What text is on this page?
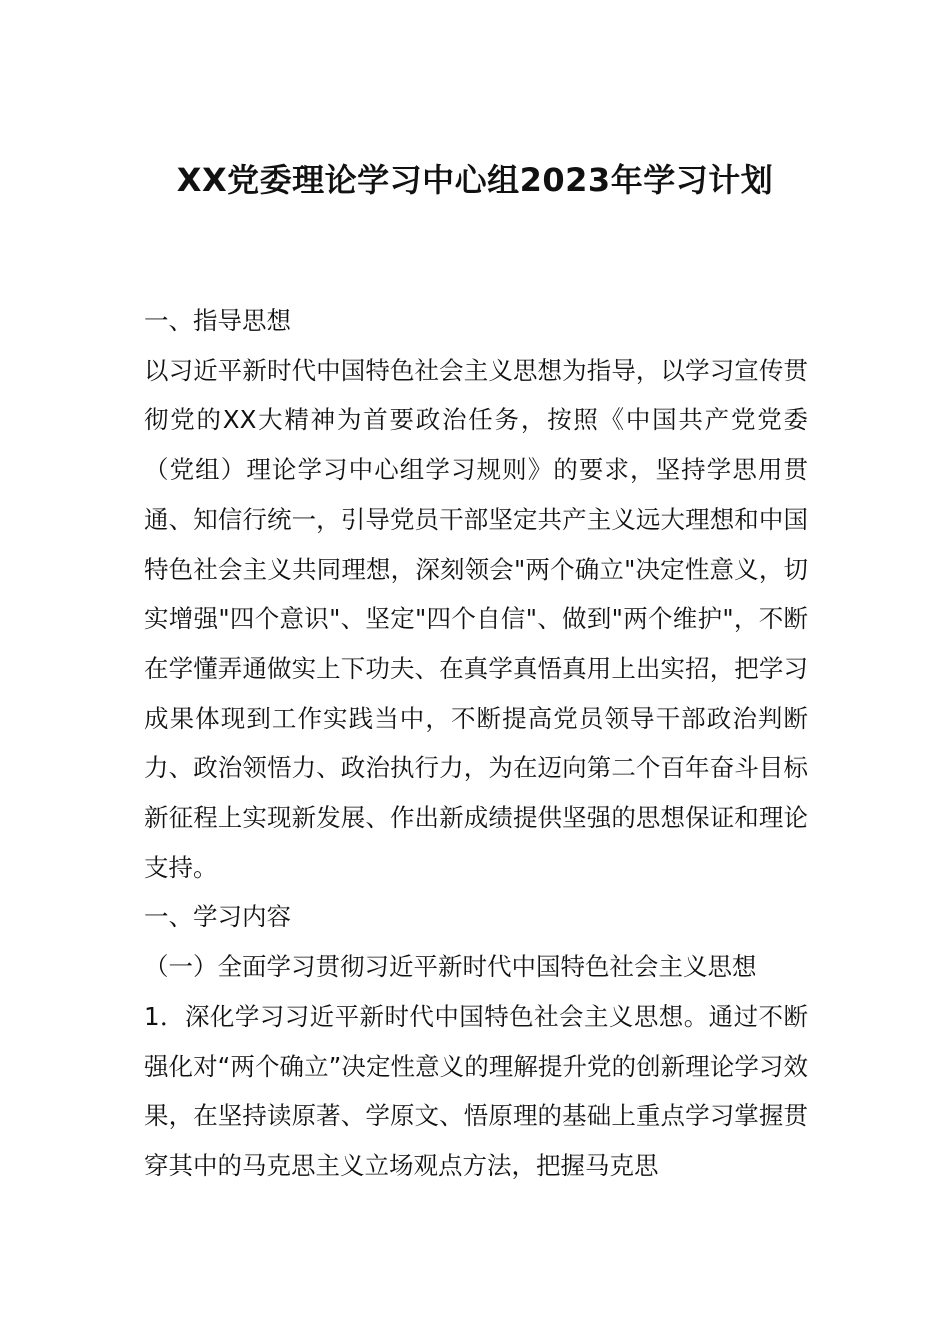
XX党委理论学习中心组2023年学习计划

一、指导思想

以习近平新时代中国特色社会主义思想为指导，以学习宣传贯彻党的XX大精神为首要政治任务，按照《中国共产党党委（党组）理论学习中心组学习规则》的要求，坚持学思用贯通、知信行统一，引导党员干部坚定共产主义远大理想和中国特色社会主义共同理想，深刻领会"两个确立"决定性意义，切实增强"四个意识"、坚定"四个自信"、做到"两个维护"，不断在学懂弄通做实上下功夫、在真学真悟真用上出实招，把学习成果体现到工作实践当中，不断提高党员领导干部政治判断力、政治领悟力、政治执行力，为在迈向第二个百年奋斗目标新征程上实现新发展、作出新成绩提供坚强的思想保证和理论支持。

一、学习内容

（一）全面学习贯彻习近平新时代中国特色社会主义思想

1．深化学习习近平新时代中国特色社会主义思想。通过不断强化对“两个确立”决定性意义的理解提升党的创新理论学习效果，在坚持读原著、学原文、悟原理的基础上重点学习掌握贯穿其中的马克思主义立场观点方法，把握马克思
